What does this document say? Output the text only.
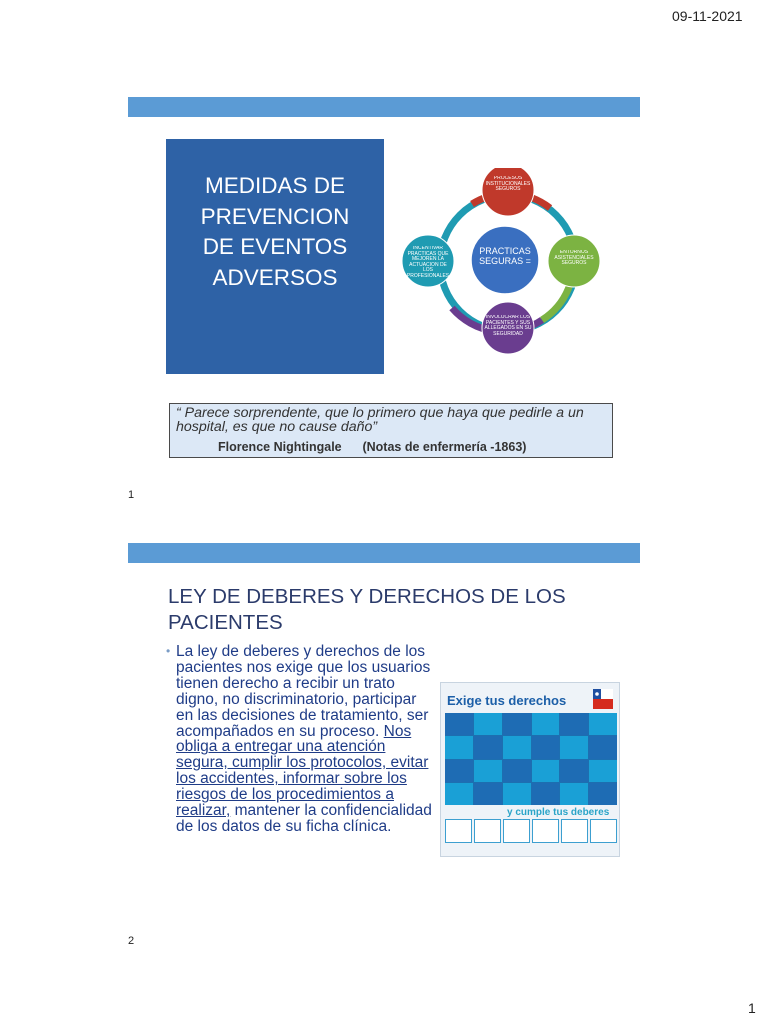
09-11-2021
MEDIDAS DE
PREVENCION
DE EVENTOS
ADVERSOS
PROCESOS INSTITUCIONALES SEGUROS
ENTORNOS ASISTENCIALES SEGUROS
INVOLUCRAR LOS PACIENTES Y SUS ALLEGADOS EN SU SEGURIDAD
INCENTIVAR PRACTICAS QUE MEJOREN LA ACTUACION DE LOS PROFESIONALES
PRACTICAS SEGURAS =
“ Parece sorprendente, que lo primero que haya que pedirle a un hospital, es que no cause daño”
Florence Nightingale (Notas de enfermería -1863)
1
LEY DE DEBERES Y DERECHOS DE LOS PACIENTES
• La ley de deberes y derechos de los pacientes nos exige que los usuarios tienen derecho a recibir un trato digno, no discriminatorio, participar en las decisiones de tratamiento, ser acompañados en su proceso. Nos obliga a entregar una atención segura, cumplir los protocolos, evitar los accidentes, informar sobre los riesgos de los procedimientos a realizar, mantener la confidencialidad de los datos de su ficha clínica.
Exige tus derechos
y cumple tus deberes
2
1
